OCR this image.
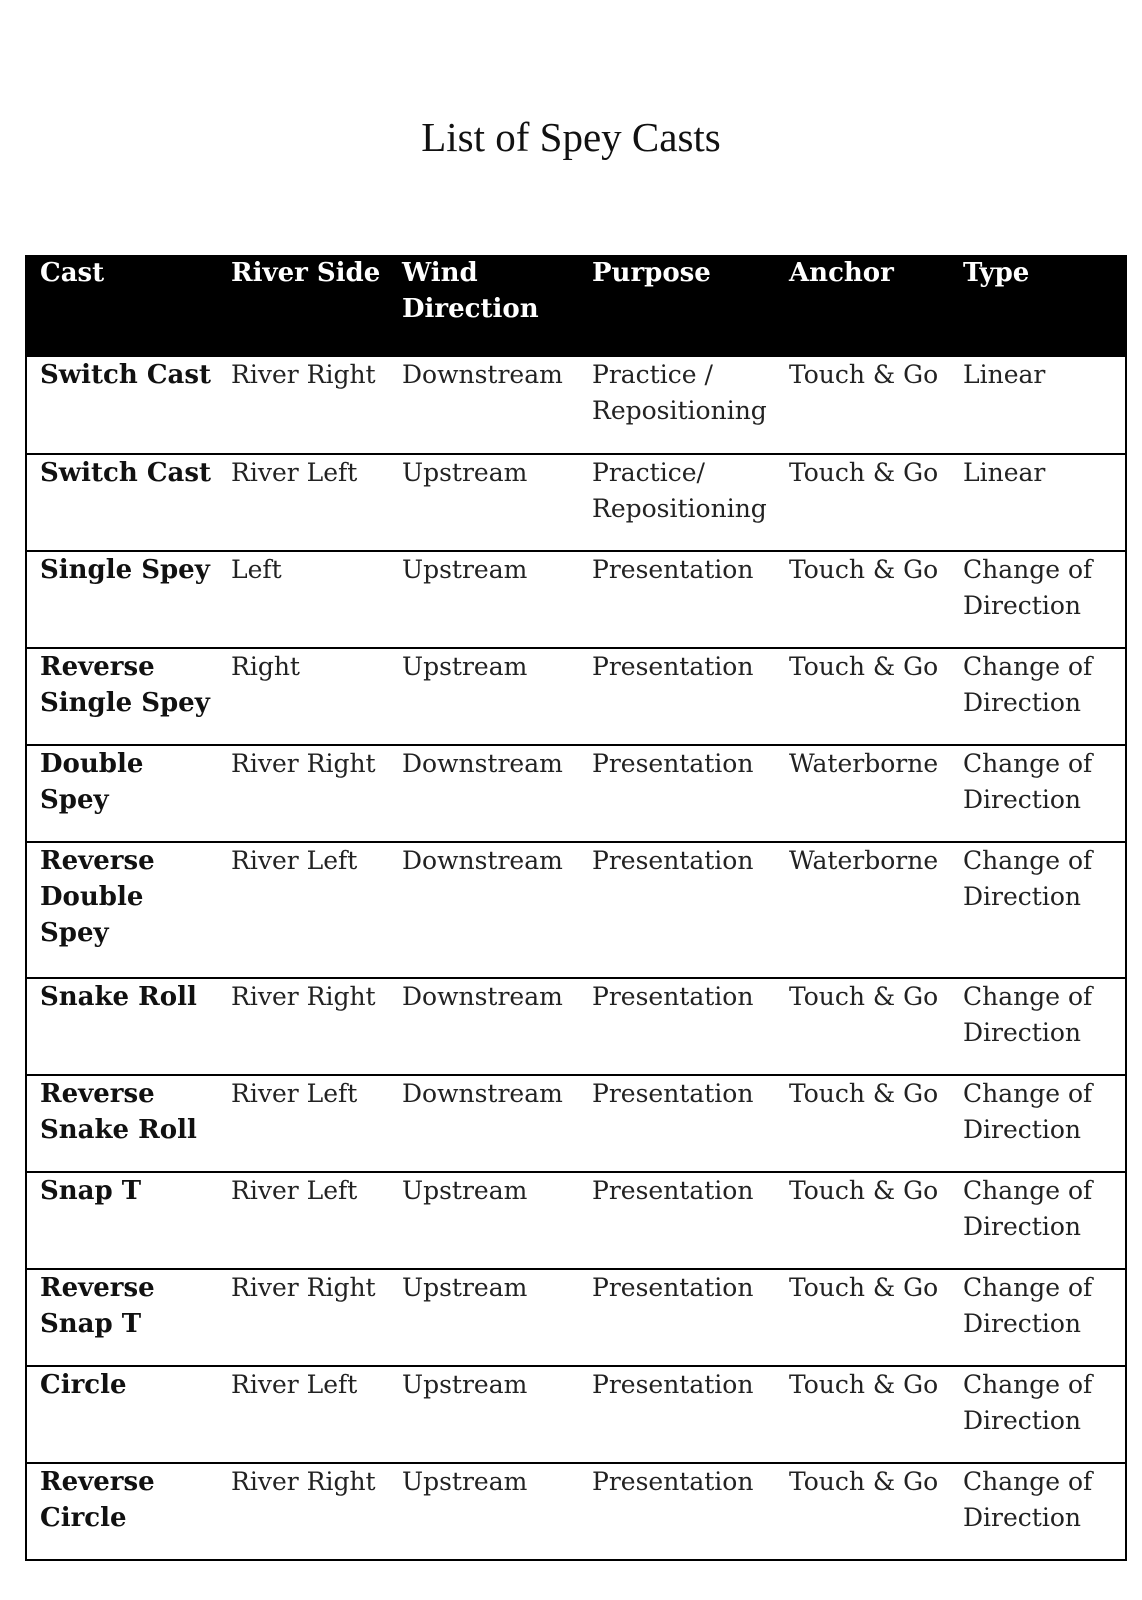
List of Spey Casts
Cast	River Side	Wind Direction	Purpose	Anchor	Type
Switch Cast	River Right	Downstream	Practice / Repositioning	Touch & Go	Linear
Switch Cast	River Left	Upstream	Practice/ Repositioning	Touch & Go	Linear
Single Spey	Left	Upstream	Presentation	Touch & Go	Change of Direction
Reverse Single Spey	Right	Upstream	Presentation	Touch & Go	Change of Direction
Double Spey	River Right	Downstream	Presentation	Waterborne	Change of Direction
Reverse Double Spey	River Left	Downstream	Presentation	Waterborne	Change of Direction
Snake Roll	River Right	Downstream	Presentation	Touch & Go	Change of Direction
Reverse Snake Roll	River Left	Downstream	Presentation	Touch & Go	Change of Direction
Snap T	River Left	Upstream	Presentation	Touch & Go	Change of Direction
Reverse Snap T	River Right	Upstream	Presentation	Touch & Go	Change of Direction
Circle	River Left	Upstream	Presentation	Touch & Go	Change of Direction
Reverse Circle	River Right	Upstream	Presentation	Touch & Go	Change of Direction
